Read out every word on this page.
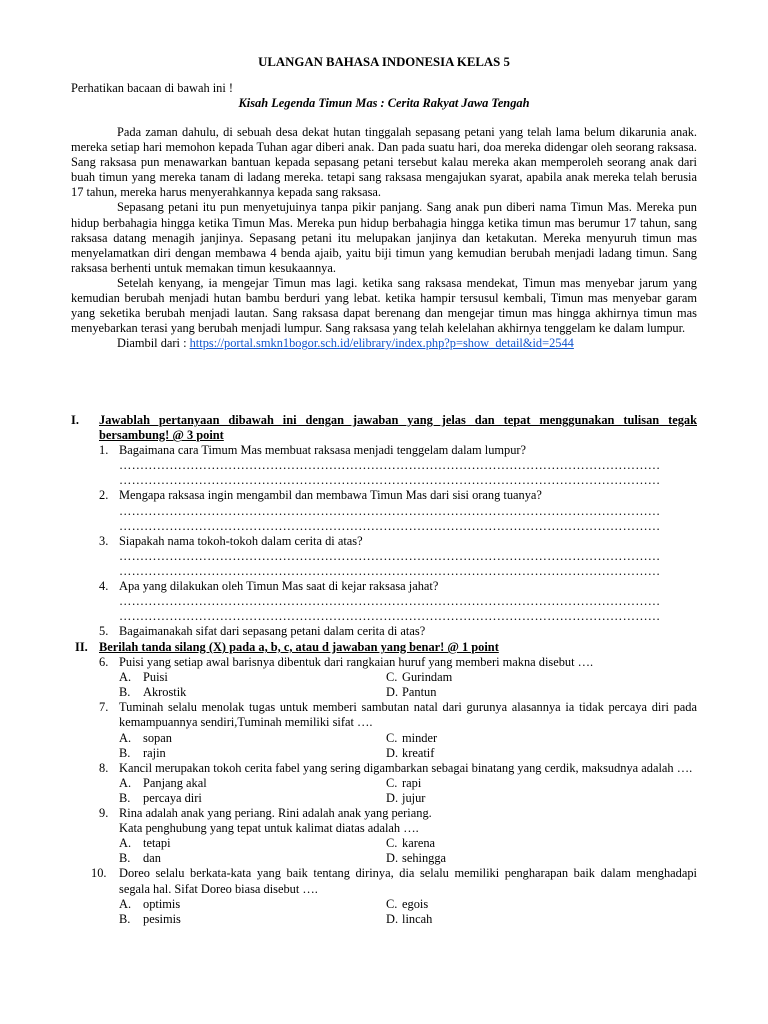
ULANGAN BAHASA INDONESIA KELAS 5
Perhatikan bacaan di bawah ini !
Kisah Legenda Timun Mas : Cerita Rakyat Jawa Tengah

Pada zaman dahulu, di sebuah desa dekat hutan tinggalah sepasang petani yang telah lama belum dikarunia anak. mereka setiap hari memohon kepada Tuhan agar diberi anak. Dan pada suatu hari, doa mereka didengar oleh seorang raksasa. Sang raksasa pun menawarkan bantuan kepada sepasang petani tersebut kalau mereka akan memperoleh seorang anak dari buah timun yang mereka tanam di ladang mereka. tetapi sang raksasa mengajukan syarat, apabila anak mereka telah berusia 17 tahun, mereka harus menyerahkannya kepada sang raksasa.

Sepasang petani itu pun menyetujuinya tanpa pikir panjang. Sang anak pun diberi nama Timun Mas. Mereka pun hidup berbahagia hingga ketika Timun Mas. Mereka pun hidup berbahagia hingga ketika timun mas berumur 17 tahun, sang raksasa datang menagih janjinya. Sepasang petani itu melupakan janjinya dan ketakutan. Mereka menyuruh timun mas menyelamatkan diri dengan membawa 4 benda ajaib, yaitu biji timun yang kemudian berubah menjadi ladang timun. Sang raksasa berhenti untuk memakan timun kesukaannya.

Setelah kenyang, ia mengejar Timun mas lagi. ketika sang raksasa mendekat, Timun mas menyebar jarum yang kemudian berubah menjadi hutan bambu berduri yang lebat. ketika hampir tersusul kembali, Timun mas menyebar garam yang seketika berubah menjadi lautan. Sang raksasa dapat berenang dan mengejar timun mas hingga akhirnya timun mas menyebarkan terasi yang berubah menjadi lumpur. Sang raksasa yang telah kelelahan akhirnya tenggelam ke dalam lumpur.

Diambil dari : https://portal.smkn1bogor.sch.id/elibrary/index.php?p=show_detail&id=2544
I.	Jawablah pertanyaan dibawah ini dengan jawaban yang jelas dan tepat menggunakan tulisan tegak bersambung! @ 3 point
1. Bagaimana cara Timum Mas membuat raksasa menjadi tenggelam dalam lumpur?
…………………………………………………………………………………………………………………
…………………………………………………………………………………………………………………
2. Mengapa raksasa ingin mengambil dan membawa Timun Mas dari sisi orang tuanya?
…………………………………………………………………………………………………………………
…………………………………………………………………………………………………………………
3. Siapakah nama tokoh-tokoh dalam cerita di atas?
…………………………………………………………………………………………………………………
…………………………………………………………………………………………………………………
4. Apa yang dilakukan oleh Timun Mas saat di kejar raksasa jahat?
…………………………………………………………………………………………………………………
…………………………………………………………………………………………………………………
5. Bagaimanakah sifat dari sepasang petani dalam cerita di atas?
II. Berilah tanda silang (X) pada a, b, c, atau d jawaban yang benar! @ 1 point
6. Puisi yang setiap awal barisnya dibentuk dari rangkaian huruf yang memberi makna disebut ….
A. Puisi	C. Gurindam
B.	Akrostik	D. Pantun
7. Tuminah selalu menolak tugas untuk memberi sambutan natal dari gurunya alasannya ia tidak percaya diri pada kemampuannya sendiri,Tuminah memiliki sifat ….
A. sopan	C. minder
B.	rajin	D. kreatif
8. Kancil merupakan tokoh cerita fabel yang sering digambarkan sebagai binatang yang cerdik, maksudnya adalah ….
A. Panjang akal	C. rapi
B.	percaya diri	D. jujur
9. Rina adalah anak yang periang. Rini adalah anak yang periang.
Kata penghubung yang tepat untuk kalimat diatas adalah ….
A. tetapi	C. karena
B.	dan	D. sehingga
10.	Doreo selalu berkata-kata yang baik tentang dirinya, dia selalu memiliki pengharapan baik dalam menghadapi segala hal. Sifat Doreo biasa disebut ….
A. optimis	C. egois
B.	pesimis	D. lincah
